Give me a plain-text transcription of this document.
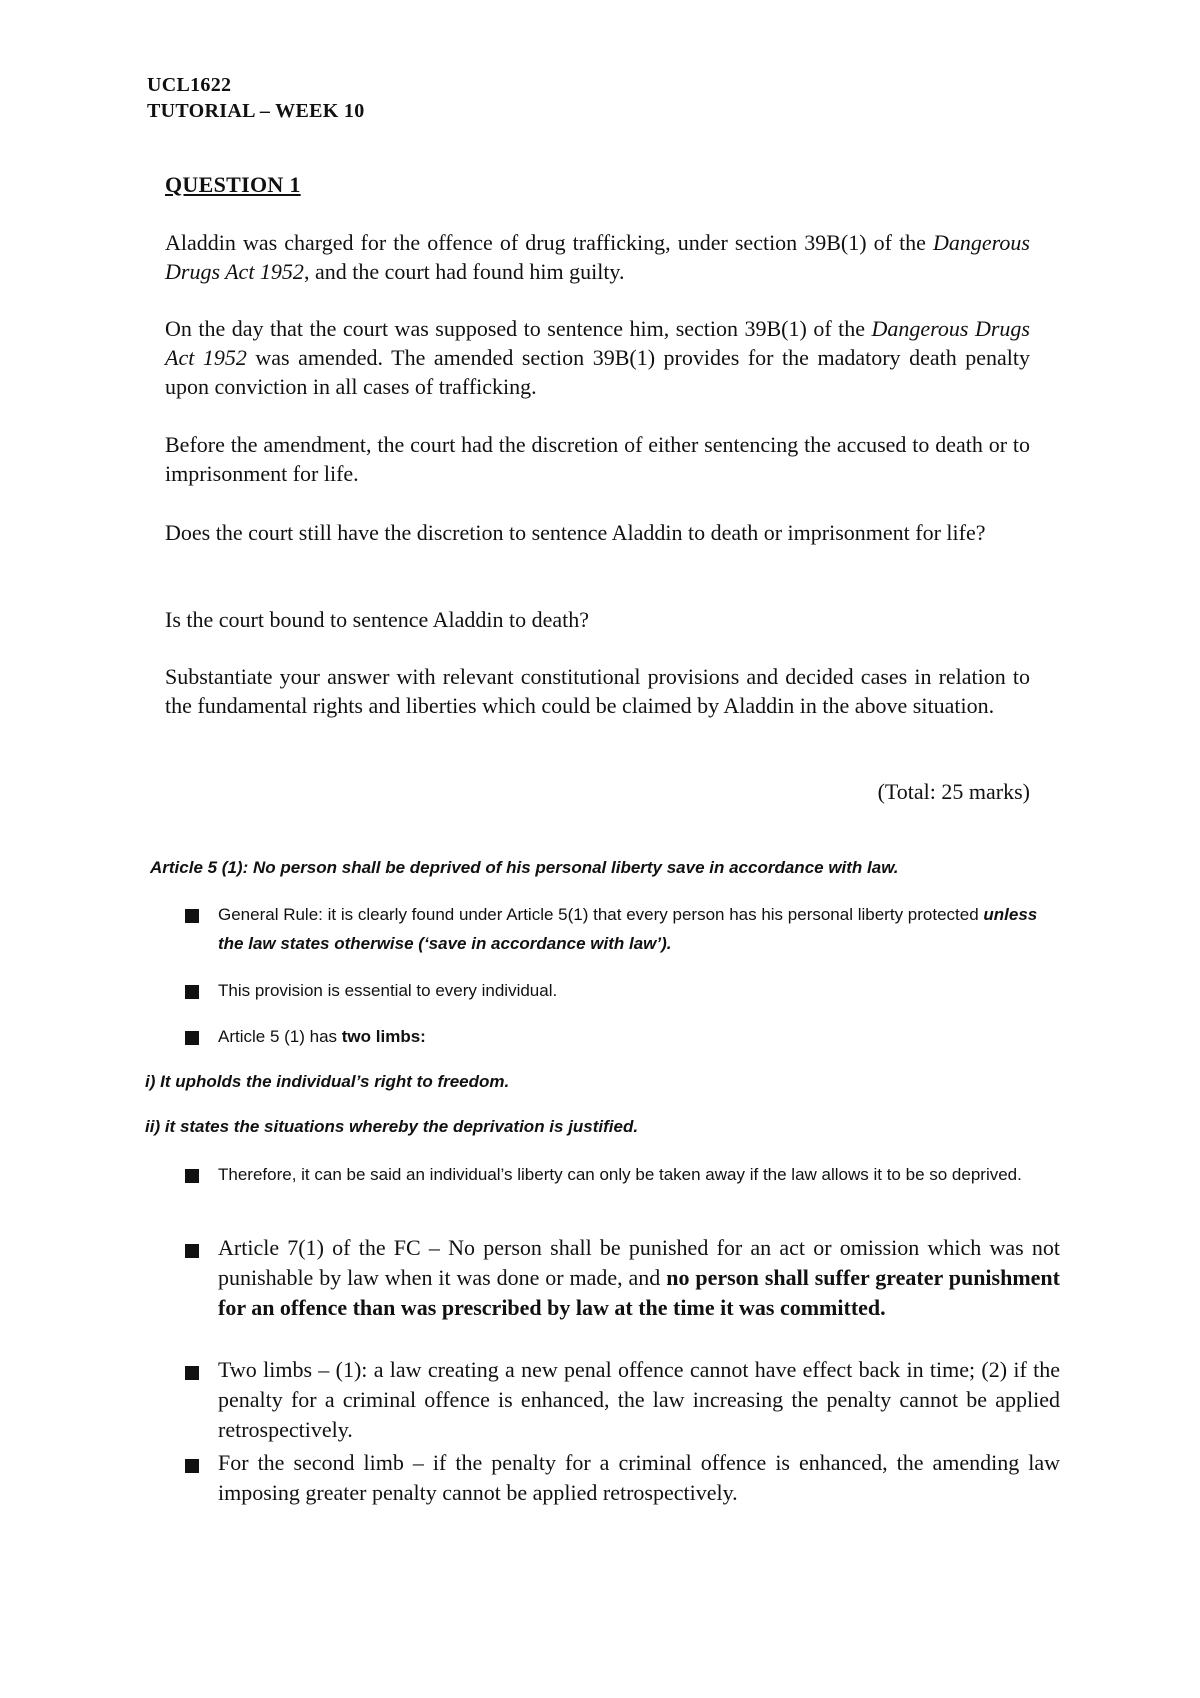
UCL1622
TUTORIAL – WEEK 10
QUESTION 1
Aladdin was charged for the offence of drug trafficking, under section 39B(1) of the Dangerous Drugs Act 1952, and the court had found him guilty.
On the day that the court was supposed to sentence him, section 39B(1) of the Dangerous Drugs Act 1952 was amended. The amended section 39B(1) provides for the madatory death penalty upon conviction in all cases of trafficking.
Before the amendment, the court had the discretion of either sentencing the accused to death or to imprisonment for life.
Does the court still have the discretion to sentence Aladdin to death or imprisonment for life?
Is the court bound to sentence Aladdin to death?
Substantiate your answer with relevant constitutional provisions and decided cases in relation to the fundamental rights and liberties which could be claimed by Aladdin in the above situation.
(Total: 25 marks)
Article 5 (1): No person shall be deprived of his personal liberty save in accordance with law.
General Rule: it is clearly found under Article 5(1) that every person has his personal liberty protected unless the law states otherwise (‘save in accordance with law’).
This provision is essential to every individual.
Article 5 (1) has two limbs:
i) It upholds the individual’s right to freedom.
ii) it states the situations whereby the deprivation is justified.
Therefore, it can be said an individual’s liberty can only be taken away if the law allows it to be so deprived.
Article 7(1) of the FC – No person shall be punished for an act or omission which was not punishable by law when it was done or made, and no person shall suffer greater punishment for an offence than was prescribed by law at the time it was committed.
Two limbs – (1): a law creating a new penal offence cannot have effect back in time; (2) if the penalty for a criminal offence is enhanced, the law increasing the penalty cannot be applied retrospectively.
For the second limb – if the penalty for a criminal offence is enhanced, the amending law imposing greater penalty cannot be applied retrospectively.
